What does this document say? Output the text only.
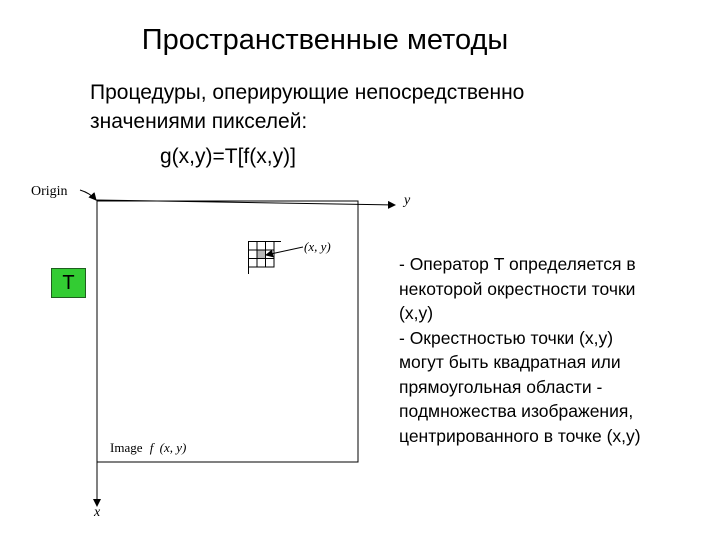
Пространственные методы
Процедуры, оперирующие непосредственно
значениями пикселей:
g(x,y)=T[f(x,y)]
T
- Оператор T определяется в
некоторой окрестности точки
(x,y)
- Окрестностью точки (x,y)
могут быть квадратная или
прямоугольная области -
подмножества изображения,
центрированного в точке (x,y)
Origin
y
x
(x, y)
Image f (x, y)
